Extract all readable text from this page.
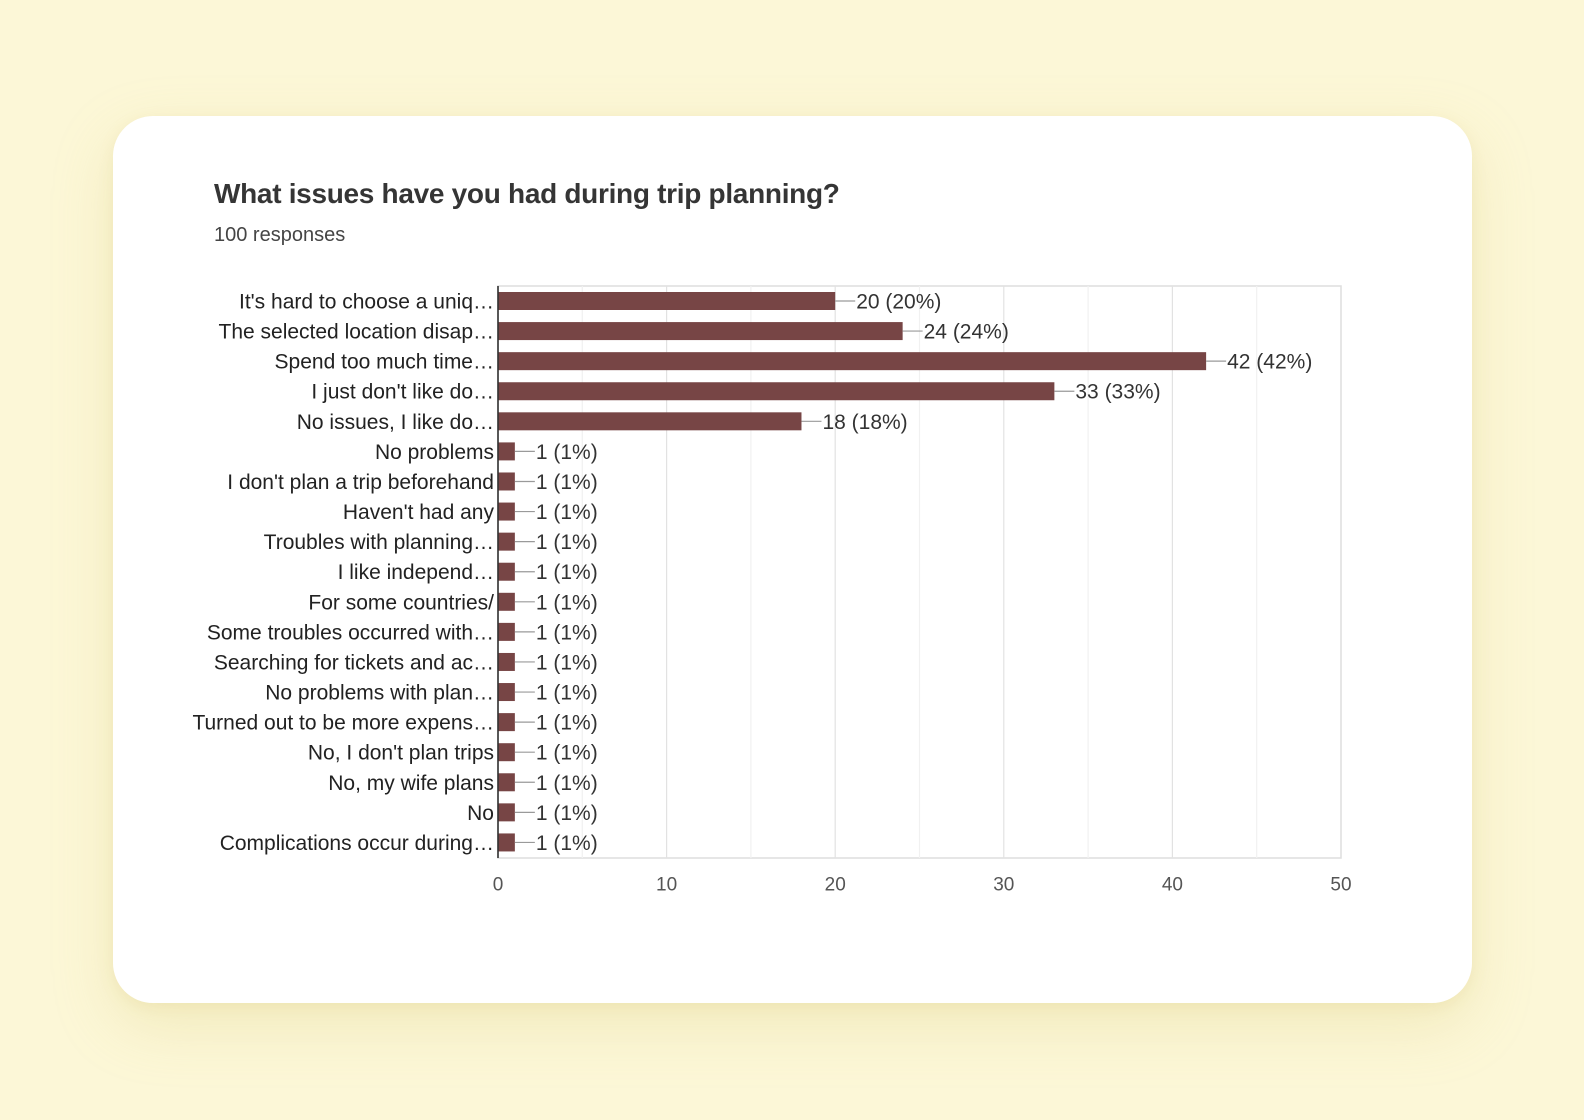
What issues have you had during trip planning?

100 responses

0	10	20	30	40	50
It's hard to choose a uniq…	20 (20%)
The selected location disap…	24 (24%)
Spend too much time…	42 (42%)
I just don't like do…	33 (33%)
No issues, I like do…	18 (18%)
No problems 1 (1%)
I don't plan a trip beforehand 1 (1%)
Haven't had any 1 (1%)
Troubles with planning… 1 (1%)
I like independ… 1 (1%)
For some countries/ 1 (1%)
Some troubles occurred with… 1 (1%)
Searching for tickets and ac… 1 (1%)
No problems with plan… 1 (1%)
Turned out to be more expens… 1 (1%)
No, I don't plan trips 1 (1%)
No, my wife plans 1 (1%)
No 1 (1%)
Complications occur during… 1 (1%)
